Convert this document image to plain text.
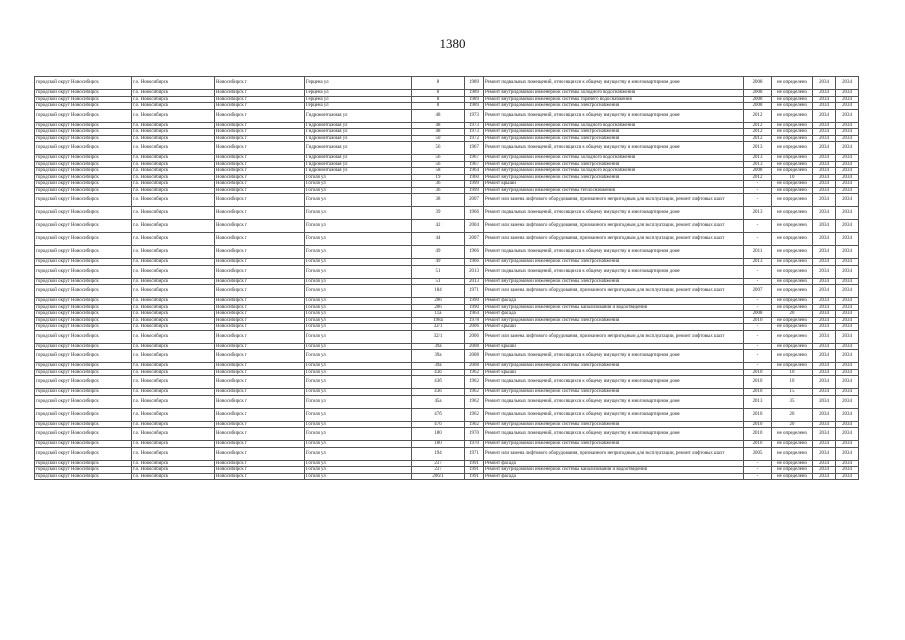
1380
городской округ Новосибирск	г.о. Новосибирск	Новосибирск г	Герцена ул	8	1989	Ремонт подвальных помещений, относящихся к общему имуществу в многоквартирном доме	2008	не определено	2034	2034
городской округ Новосибирск	г.о. Новосибирск	Новосибирск г	Герцена ул	8	1989	Ремонт внутридомовой инженерной системы холодного водоснабжения	2008	не определено	2034	2034
городской округ Новосибирск	г.о. Новосибирск	Новосибирск г	Герцена ул	8	1989	Ремонт внутридомовой инженерной системы горячего водоснабжения	2008	не определено	2034	2034
городской округ Новосибирск	г.о. Новосибирск	Новосибирск г	Герцена ул	8	1989	Ремонт внутридомовой инженерной системы электроснабжения	2008	не определено	2034	2034
городской округ Новосибирск	г.о. Новосибирск	Новосибирск г	Гидромонтажная ул	48	1973	Ремонт подвальных помещений, относящихся к общему имуществу в многоквартирном доме	2012	не определено	2034	2034
городской округ Новосибирск	г.о. Новосибирск	Новосибирск г	Гидромонтажная ул	48	1973	Ремонт внутридомовой инженерной системы холодного водоснабжения	2012	не определено	2034	2034
городской округ Новосибирск	г.о. Новосибирск	Новосибирск г	Гидромонтажная ул	48	1973	Ремонт внутридомовой инженерной системы электроснабжения	2012	не определено	2034	2034
городской округ Новосибирск	г.о. Новосибирск	Новосибирск г	Гидромонтажная ул	50	1972	Ремонт внутридомовой инженерной системы электроснабжения	2012	не определено	2034	2034
городской округ Новосибирск	г.о. Новосибирск	Новосибирск г	Гидромонтажная ул	56	1967	Ремонт подвальных помещений, относящихся к общему имуществу в многоквартирном доме	2013	не определено	2034	2034
городской округ Новосибирск	г.о. Новосибирск	Новосибирск г	Гидромонтажная ул	56	1967	Ремонт внутридомовой инженерной системы холодного водоснабжения	2013	не определено	2034	2034
городской округ Новосибирск	г.о. Новосибирск	Новосибирск г	Гидромонтажная ул	56	1967	Ремонт внутридомовой инженерной системы электроснабжения	2013	не определено	2034	2034
городской округ Новосибирск	г.о. Новосибирск	Новосибирск г	Гидромонтажная ул	58	1964	Ремонт внутридомовой инженерной системы холодного водоснабжения	2008	не определено	2034	2034
городской округ Новосибирск	г.о. Новосибирск	Новосибирск г	Гоголя ул	19	1960	Ремонт внутридомовой инженерной системы электроснабжения	2012	10	2034	2034
городской округ Новосибирск	г.о. Новосибирск	Новосибирск г	Гоголя ул	36	1999	Ремонт крыши	-	не определено	2034	2034
городской округ Новосибирск	г.о. Новосибирск	Новосибирск г	Гоголя ул	36	1999	Ремонт внутридомовой инженерной системы теплоснабжения	-	не определено	2034	2034
городской округ Новосибирск	г.о. Новосибирск	Новосибирск г	Гоголя ул	38	2007	Ремонт или замена лифтового оборудования, признанного непригодным для эксплуатации, ремонт лифтовых шахт	-	не определено	2034	2034
городской округ Новосибирск	г.о. Новосибирск	Новосибирск г	Гоголя ул	39	1966	Ремонт подвальных помещений, относящихся к общему имуществу в многоквартирном доме	2013	не определено	2034	2034
городской округ Новосибирск	г.о. Новосибирск	Новосибирск г	Гоголя ул	42	2004	Ремонт или замена лифтового оборудования, признанного непригодным для эксплуатации, ремонт лифтовых шахт	-	не определено	2034	2034
городской округ Новосибирск	г.о. Новосибирск	Новосибирск г	Гоголя ул	44	2007	Ремонт или замена лифтового оборудования, признанного непригодным для эксплуатации, ремонт лифтовых шахт	-	не определено	2034	2034
городской округ Новосибирск	г.о. Новосибирск	Новосибирск г	Гоголя ул	49	1966	Ремонт подвальных помещений, относящихся к общему имуществу в многоквартирном доме	2011	не определено	2034	2034
городской округ Новосибирск	г.о. Новосибирск	Новосибирск г	Гоголя ул	49	1966	Ремонт внутридомовой инженерной системы электроснабжения	2013	не определено	2034	2034
городской округ Новосибирск	г.о. Новосибирск	Новосибирск г	Гоголя ул	51	2013	Ремонт подвальных помещений, относящихся к общему имуществу в многоквартирном доме	-	не определено	2034	2034
городской округ Новосибирск	г.о. Новосибирск	Новосибирск г	Гоголя ул	51	2013	Ремонт внутридомовой инженерной системы электроснабжения	-	не определено	2034	2034
городской округ Новосибирск	г.о. Новосибирск	Новосибирск г	Гоголя ул	184	1971	Ремонт или замена лифтового оборудования, признанного непригодным для эксплуатации, ремонт лифтовых шахт	2007	не определено	2034	2034
городской округ Новосибирск	г.о. Новосибирск	Новосибирск г	Гоголя ул	206	1990	Ремонт фасада	-	не определено	2034	2034
городской округ Новосибирск	г.о. Новосибирск	Новосибирск г	Гоголя ул	206	1990	Ремонт внутридомовой инженерной системы канализования и водоотведения	-	не определено	2034	2034
городской округ Новосибирск	г.о. Новосибирск	Новосибирск г	Гоголя ул	11а	1964	Ремонт фасада	2008	20	2034	2034
городской округ Новосибирск	г.о. Новосибирск	Новосибирск г	Гоголя ул	198а	1978	Ремонт внутридомовой инженерной системы электроснабжения	2010	не определено	2034	2034
городской округ Новосибирск	г.о. Новосибирск	Новосибирск г	Гоголя ул	32/1	2006	Ремонт крыши	-	не определено	2034	2034
городской округ Новосибирск	г.о. Новосибирск	Новосибирск г	Гоголя ул	32/1	2006	Ремонт или замена лифтового оборудования, признанного непригодным для эксплуатации, ремонт лифтовых шахт	-	не определено	2034	2034
городской округ Новосибирск	г.о. Новосибирск	Новосибирск г	Гоголя ул	39а	2008	Ремонт крыши	-	не определено	2034	2034
городской округ Новосибирск	г.о. Новосибирск	Новосибирск г	Гоголя ул	39а	2008	Ремонт подвальных помещений, относящихся к общему имуществу в многоквартирном доме	-	не определено	2034	2034
городской округ Новосибирск	г.о. Новосибирск	Новосибирск г	Гоголя ул	39а	2008	Ремонт внутридомовой инженерной системы электроснабжения	-	не определено	2034	2034
городской округ Новосибирск	г.о. Новосибирск	Новосибирск г	Гоголя ул	43б	1962	Ремонт крыши	2010	10	2034	2034
городской округ Новосибирск	г.о. Новосибирск	Новосибирск г	Гоголя ул	43б	1962	Ремонт подвальных помещений, относящихся к общему имуществу в многоквартирном доме	2010	10	2034	2034
городской округ Новосибирск	г.о. Новосибирск	Новосибирск г	Гоголя ул	43б	1962	Ремонт внутридомовой инженерной системы электроснабжения	2010	15	2034	2034
городской округ Новосибирск	г.о. Новосибирск	Новосибирск г	Гоголя ул	45а	1962	Ремонт подвальных помещений, относящихся к общему имуществу в многоквартирном доме	2013	35	2034	2034
городской округ Новосибирск	г.о. Новосибирск	Новосибирск г	Гоголя ул	47б	1962	Ремонт подвальных помещений, относящихся к общему имуществу в многоквартирном доме	2010	20	2034	2034
городской округ Новосибирск	г.о. Новосибирск	Новосибирск г	Гоголя ул	47б	1962	Ремонт внутридомовой инженерной системы электроснабжения	2010	20	2034	2034
городской округ Новосибирск	г.о. Новосибирск	Новосибирск г	Гоголя ул	180	1970	Ремонт подвальных помещений, относящихся к общему имуществу в многоквартирном доме	2010	не определено	2034	2034
городской округ Новосибирск	г.о. Новосибирск	Новосибирск г	Гоголя ул	180	1970	Ремонт внутридомовой инженерной системы электроснабжения	2010	не определено	2034	2034
городской округ Новосибирск	г.о. Новосибирск	Новосибирск г	Гоголя ул	194	1971	Ремонт или замена лифтового оборудования, признанного непригодным для эксплуатации, ремонт лифтовых шахт	2005	не определено	2034	2034
городской округ Новосибирск	г.о. Новосибирск	Новосибирск г	Гоголя ул	237	1991	Ремонт фасада	-	не определено	2034	2034
городской округ Новосибирск	г.о. Новосибирск	Новосибирск г	Гоголя ул	237	1991	Ремонт внутридомовой инженерной системы канализования и водоотведения	-	не определено	2034	2034
городской округ Новосибирск	г.о. Новосибирск	Новосибирск г	Гоголя ул	206/1	1991	Ремонт фасада	-	не определено	2034	2034
